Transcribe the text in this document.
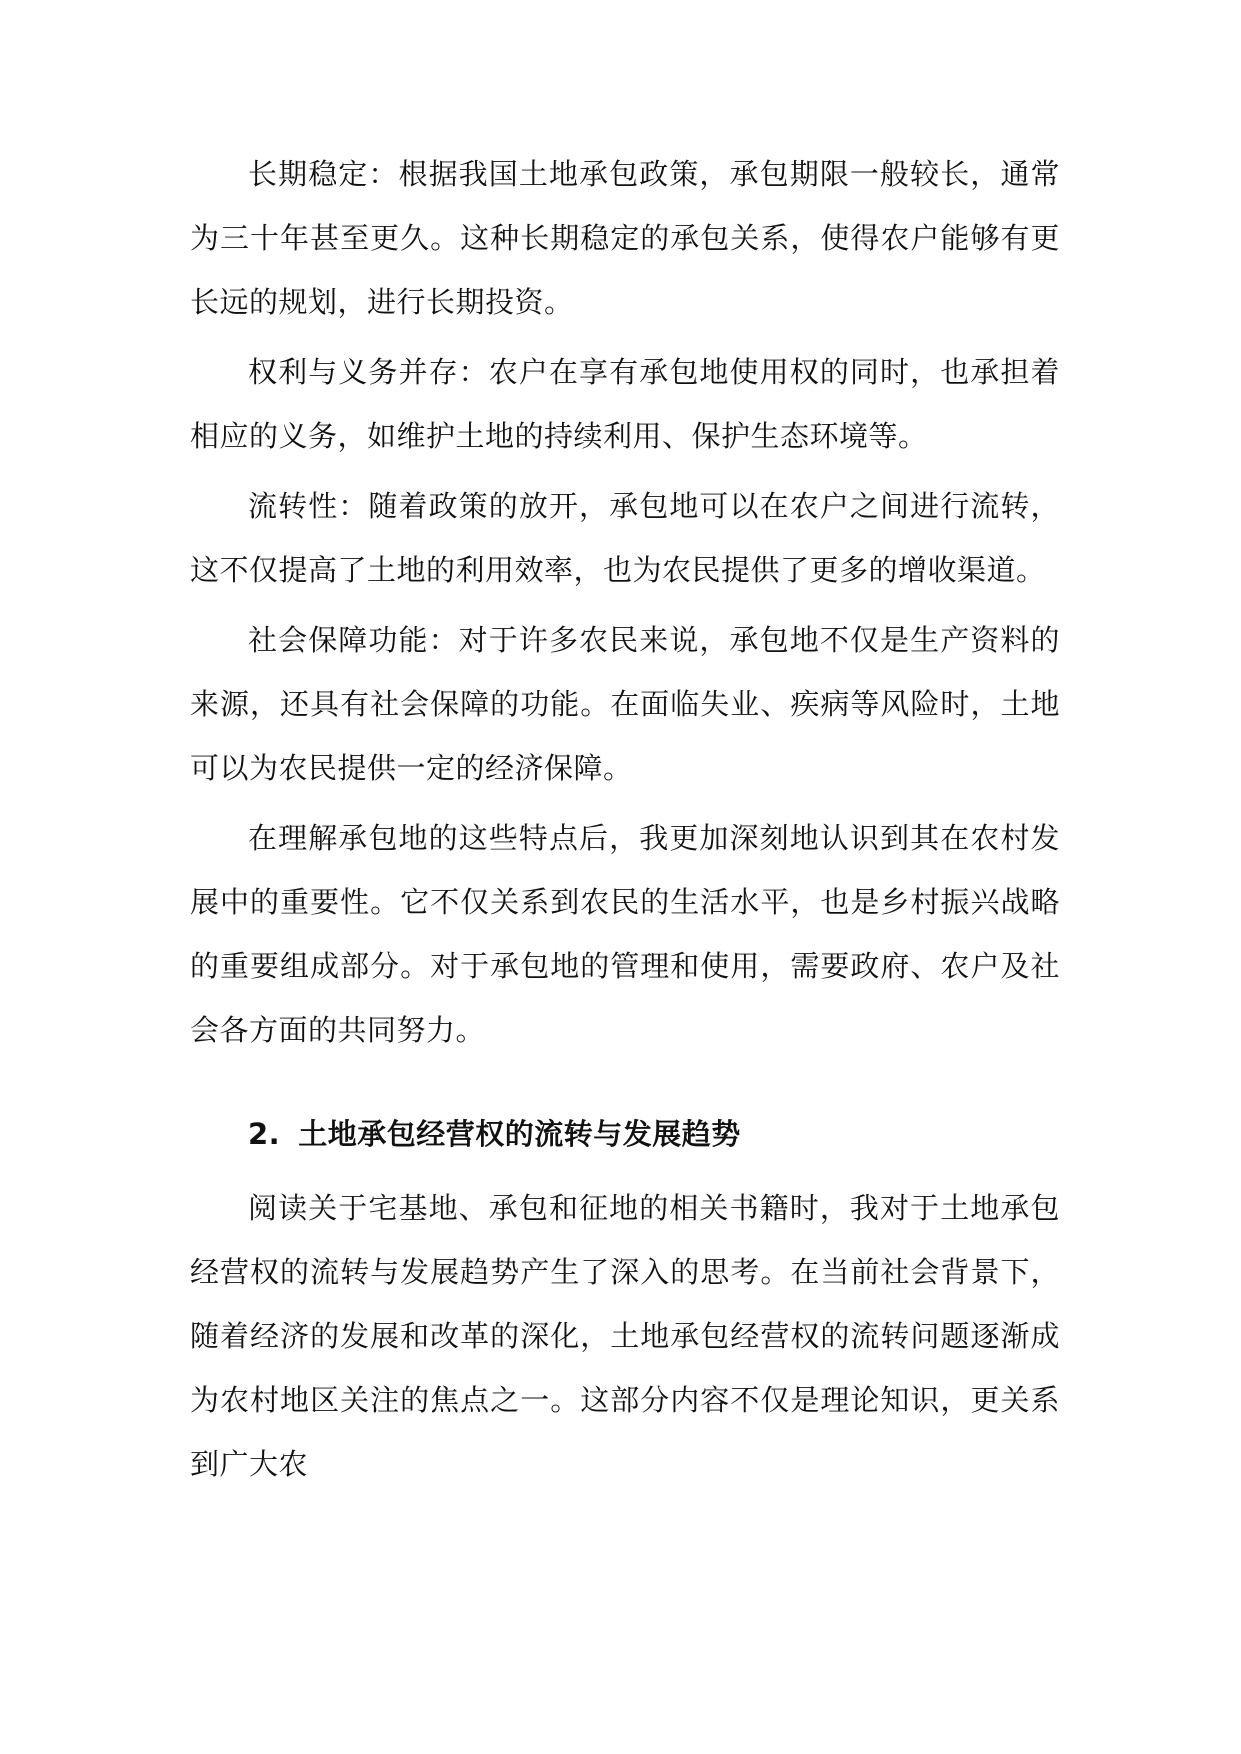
长期稳定：根据我国土地承包政策，承包期限一般较长，通常为三十年甚至更久。这种长期稳定的承包关系，使得农户能够有更长远的规划，进行长期投资。

权利与义务并存：农户在享有承包地使用权的同时，也承担着相应的义务，如维护土地的持续利用、保护生态环境等。

流转性：随着政策的放开，承包地可以在农户之间进行流转，这不仅提高了土地的利用效率，也为农民提供了更多的增收渠道。

社会保障功能：对于许多农民来说，承包地不仅是生产资料的来源，还具有社会保障的功能。在面临失业、疾病等风险时，土地可以为农民提供一定的经济保障。

在理解承包地的这些特点后，我更加深刻地认识到其在农村发展中的重要性。它不仅关系到农民的生活水平，也是乡村振兴战略的重要组成部分。对于承包地的管理和使用，需要政府、农户及社会各方面的共同努力。

2. 土地承包经营权的流转与发展趋势

阅读关于宅基地、承包和征地的相关书籍时，我对于土地承包经营权的流转与发展趋势产生了深入的思考。在当前社会背景下，随着经济的发展和改革的深化，土地承包经营权的流转问题逐渐成为农村地区关注的焦点之一。这部分内容不仅是理论知识，更关系到广大农
